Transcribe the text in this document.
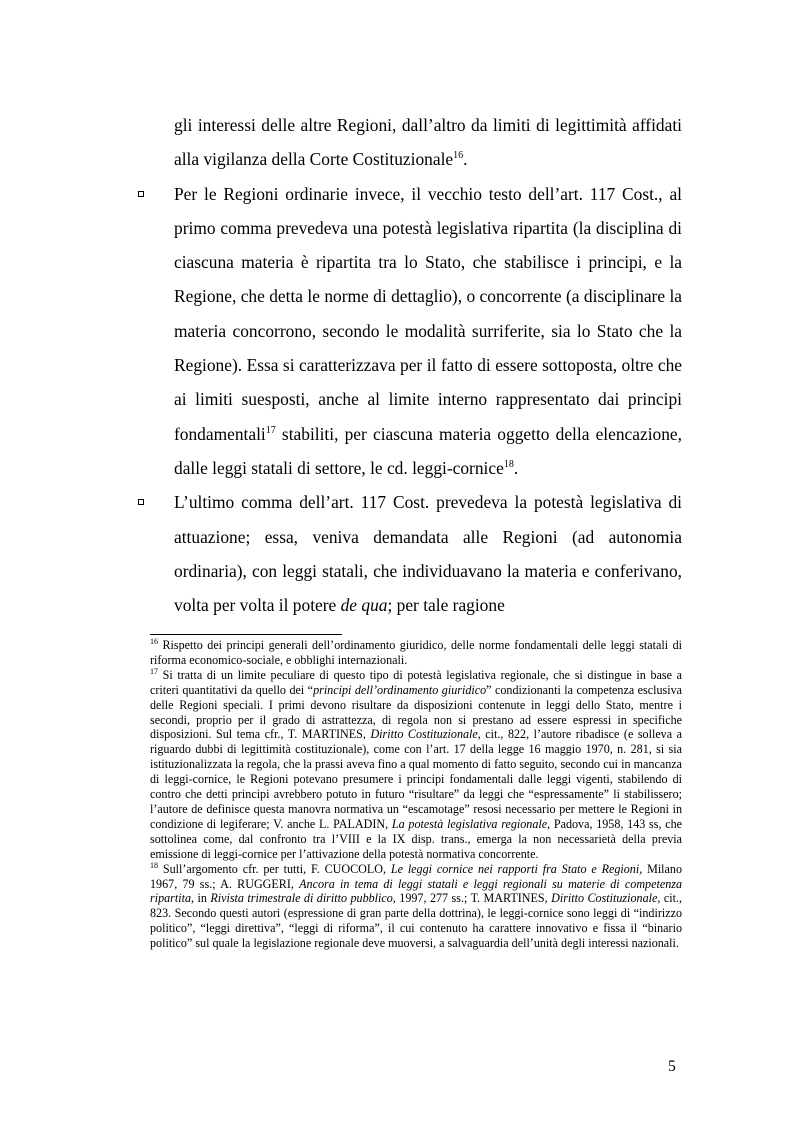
gli interessi delle altre Regioni, dall’altro da limiti di legittimità affidati alla vigilanza della Corte Costituzionale$^{16}$.

Per le Regioni ordinarie invece, il vecchio testo dell’art. 117 Cost., al primo comma prevedeva una potestà legislativa ripartita (la disciplina di ciascuna materia è ripartita tra lo Stato, che stabilisce i principi, e la Regione, che detta le norme di dettaglio), o concorrente (a disciplinare la materia concorrono, secondo le modalità surriferite, sia lo Stato che la Regione). Essa si caratterizzava per il fatto di essere sottoposta, oltre che ai limiti suesposti, anche al limite interno rappresentato dai principi fondamentali$^{17}$ stabiliti, per ciascuna materia oggetto della elencazione, dalle leggi statali di settore, le cd. leggi-cornice$^{18}$.

L’ultimo comma dell’art. 117 Cost. prevedeva la potestà legislativa di attuazione; essa, veniva demandata alle Regioni (ad autonomia ordinaria), con leggi statali, che individuavano la materia e conferivano, volta per volta il potere de qua; per tale ragione

$^{16}$ Rispetto dei principi generali dell’ordinamento giuridico, delle norme fondamentali delle leggi statali di riforma economico-sociale, e obblighi internazionali.

$^{17}$ Si tratta di un limite peculiare di questo tipo di potestà legislativa regionale, che si distingue in base a criteri quantitativi da quello dei “principi dell’ordinamento giuridico” condizionanti la competenza esclusiva delle Regioni speciali. I primi devono risultare da disposizioni contenute in leggi dello Stato, mentre i secondi, proprio per il grado di astrattezza, di regola non si prestano ad essere espressi in specifiche disposizioni. Sul tema cfr., T. MARTINES, Diritto Costituzionale, cit., 822, l’autore ribadisce (e solleva a riguardo dubbi di legittimità costituzionale), come con l’art. 17 della legge 16 maggio 1970, n. 281, si sia istituzionalizzata la regola, che la prassi aveva fino a qual momento di fatto seguito, secondo cui in mancanza di leggi-cornice, le Regioni potevano presumere i principi fondamentali dalle leggi vigenti, stabilendo di contro che detti principi avrebbero potuto in futuro “risultare” da leggi che “espressamente” li stabilissero; l’autore de definisce questa manovra normativa un “escamotage” resosi necessario per mettere le Regioni in condizione di legiferare; V. anche L. PALADIN, La potestà legislativa regionale, Padova, 1958, 143 ss, che sottolinea come, dal confronto tra l’VIII e la IX disp. trans., emerga la non necessarietà della previa emissione di leggi-cornice per l’attivazione della potestà normativa concorrente.

$^{18}$ Sull’argomento cfr. per tutti, F. CUOCOLO, Le leggi cornice nei rapporti fra Stato e Regioni, Milano 1967, 79 ss.; A. RUGGERI, Ancora in tema di leggi statali e leggi regionali su materie di competenza ripartita, in Rivista trimestrale di diritto pubblico, 1997, 277 ss.; T. MARTINES, Diritto Costituzionale, cit., 823. Secondo questi autori (espressione di gran parte della dottrina), le leggi-cornice sono leggi di “indirizzo politico”, “leggi direttiva”, “leggi di riforma”, il cui contenuto ha carattere innovativo e fissa il “binario politico” sul quale la legislazione regionale deve muoversi, a salvaguardia dell’unità degli interessi nazionali.

5
